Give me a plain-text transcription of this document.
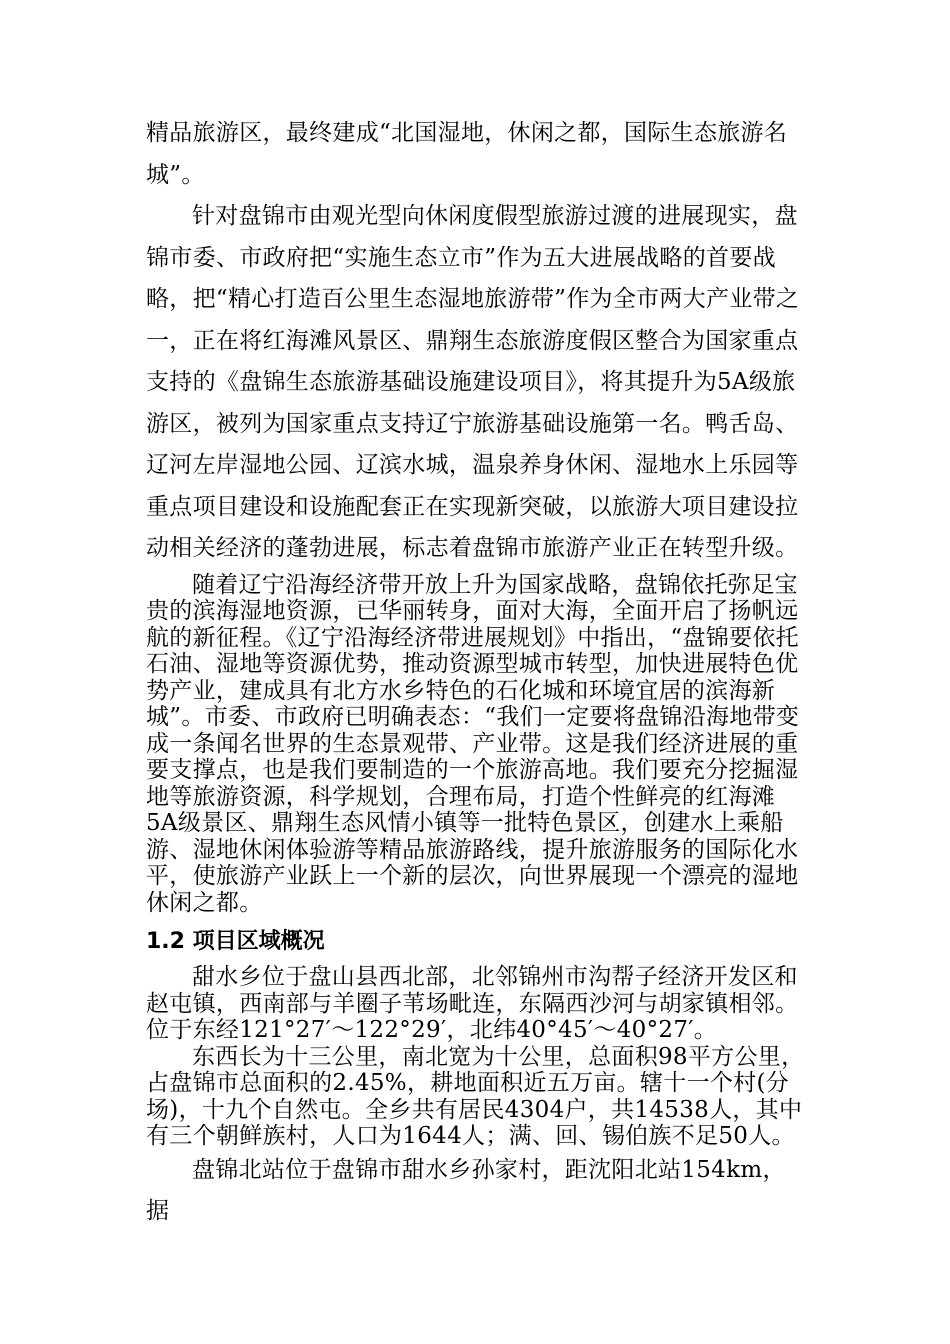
精品旅游区，最终建成“北国湿地，休闲之都，国际生态旅游名城”。

针对盘锦市由观光型向休闲度假型旅游过渡的进展现实，盘锦市委、市政府把“实施生态立市”作为五大进展战略的首要战略，把“精心打造百公里生态湿地旅游带”作为全市两大产业带之一，正在将红海滩风景区、鼎翔生态旅游度假区整合为国家重点支持的《盘锦生态旅游基础设施建设项目》，将其提升为5A级旅游区，被列为国家重点支持辽宁旅游基础设施第一名。鸭舌岛、辽河左岸湿地公园、辽滨水城，温泉养身休闲、湿地水上乐园等重点项目建设和设施配套正在实现新突破，以旅游大项目建设拉动相关经济的蓬勃进展，标志着盘锦市旅游产业正在转型升级。

随着辽宁沿海经济带开放上升为国家战略，盘锦依托弥足宝贵的滨海湿地资源，已华丽转身，面对大海，全面开启了扬帆远航的新征程。《辽宁沿海经济带进展规划》中指出，“盘锦要依托石油、湿地等资源优势，推动资源型城市转型，加快进展特色优势产业，建成具有北方水乡特色的石化城和环境宜居的滨海新城”。市委、市政府已明确表态：“我们一定要将盘锦沿海地带变成一条闻名世界的生态景观带、产业带。这是我们经济进展的重要支撑点，也是我们要制造的一个旅游高地。我们要充分挖掘湿地等旅游资源，科学规划，合理布局，打造个性鲜亮的红海滩5A级景区、鼎翔生态风情小镇等一批特色景区，创建水上乘船游、湿地休闲体验游等精品旅游路线，提升旅游服务的国际化水平，使旅游产业跃上一个新的层次，向世界展现一个漂亮的湿地休闲之都。

1.2 项目区域概况

甜水乡位于盘山县西北部，北邻锦州市沟帮子经济开发区和赵屯镇，西南部与羊圈子苇场毗连，东隔西沙河与胡家镇相邻。位于东经121°27′～122°29′，北纬40°45′～40°27′。

东西长为十三公里，南北宽为十公里，总面积98平方公里，占盘锦市总面积的2.45%，耕地面积近五万亩。辖十一个村(分场)，十九个自然屯。全乡共有居民4304户，共14538人，其中有三个朝鲜族村，人口为1644人；满、回、锡伯族不足50人。

盘锦北站位于盘锦市甜水乡孙家村，距沈阳北站154km，据
